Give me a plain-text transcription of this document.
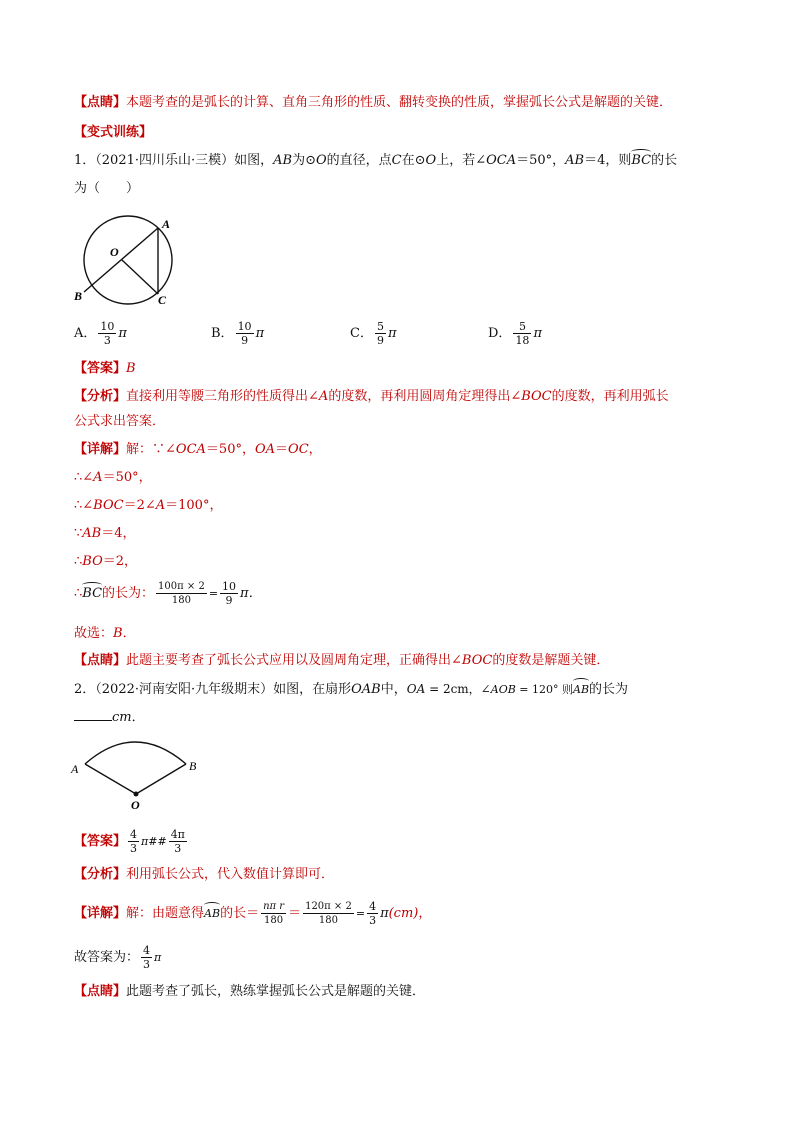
【点睛】本题考查的是弧长的计算、直角三角形的性质、翻转变换的性质，掌握弧长公式是解题的关键．
【变式训练】
1．（2021·四川乐山·三模）如图，AB为⊙O的直径，点C在⊙O上，若∠OCA＝50°，AB＝4，则BC的长
为（　　）
A
O
B	C
A． $\frac{10}{3}$ π	B． $\frac{10}{9}$ π	C． $\frac{5}{9}$ π	D． $\frac{5}{18}$ π
【答案】B
【分析】直接利用等腰三角形的性质得出∠A的度数，再利用圆周角定理得出∠BOC的度数，再利用弧长
公式求出答案．
【详解】解：∵∠OCA＝50°，OA＝OC，
∴∠A＝50°，
∴∠BOC＝2∠A＝100°，
∵AB＝4，
∴BO＝2，
∴BC的长为： $\frac{100\pi \times 2}{180} = \frac{10}{9}$ π．
故选：B．
【点睛】此题主要考查了弧长公式应用以及圆周角定理，正确得出∠BOC的度数是解题关键．
2．（2022·河南安阳·九年级期末）如图，在扇形OAB中，OA = 2cm，∠AOB = 120° 则AB的长为
cm．
A	B
O
【答案】 $\frac{4}{3}$ π## $\frac{4\pi}{3}$
【分析】利用弧长公式，代入数值计算即可．
【详解】解：由题意得AB的长＝ $\frac{\text{nπ r}}{180} = \frac{120\pi \times 2}{180} = \frac{4}{3} \pi(cm)$，
故答案为： $\frac{4}{3}$ π
【点睛】此题考查了弧长，熟练掌握弧长公式是解题的关键．
